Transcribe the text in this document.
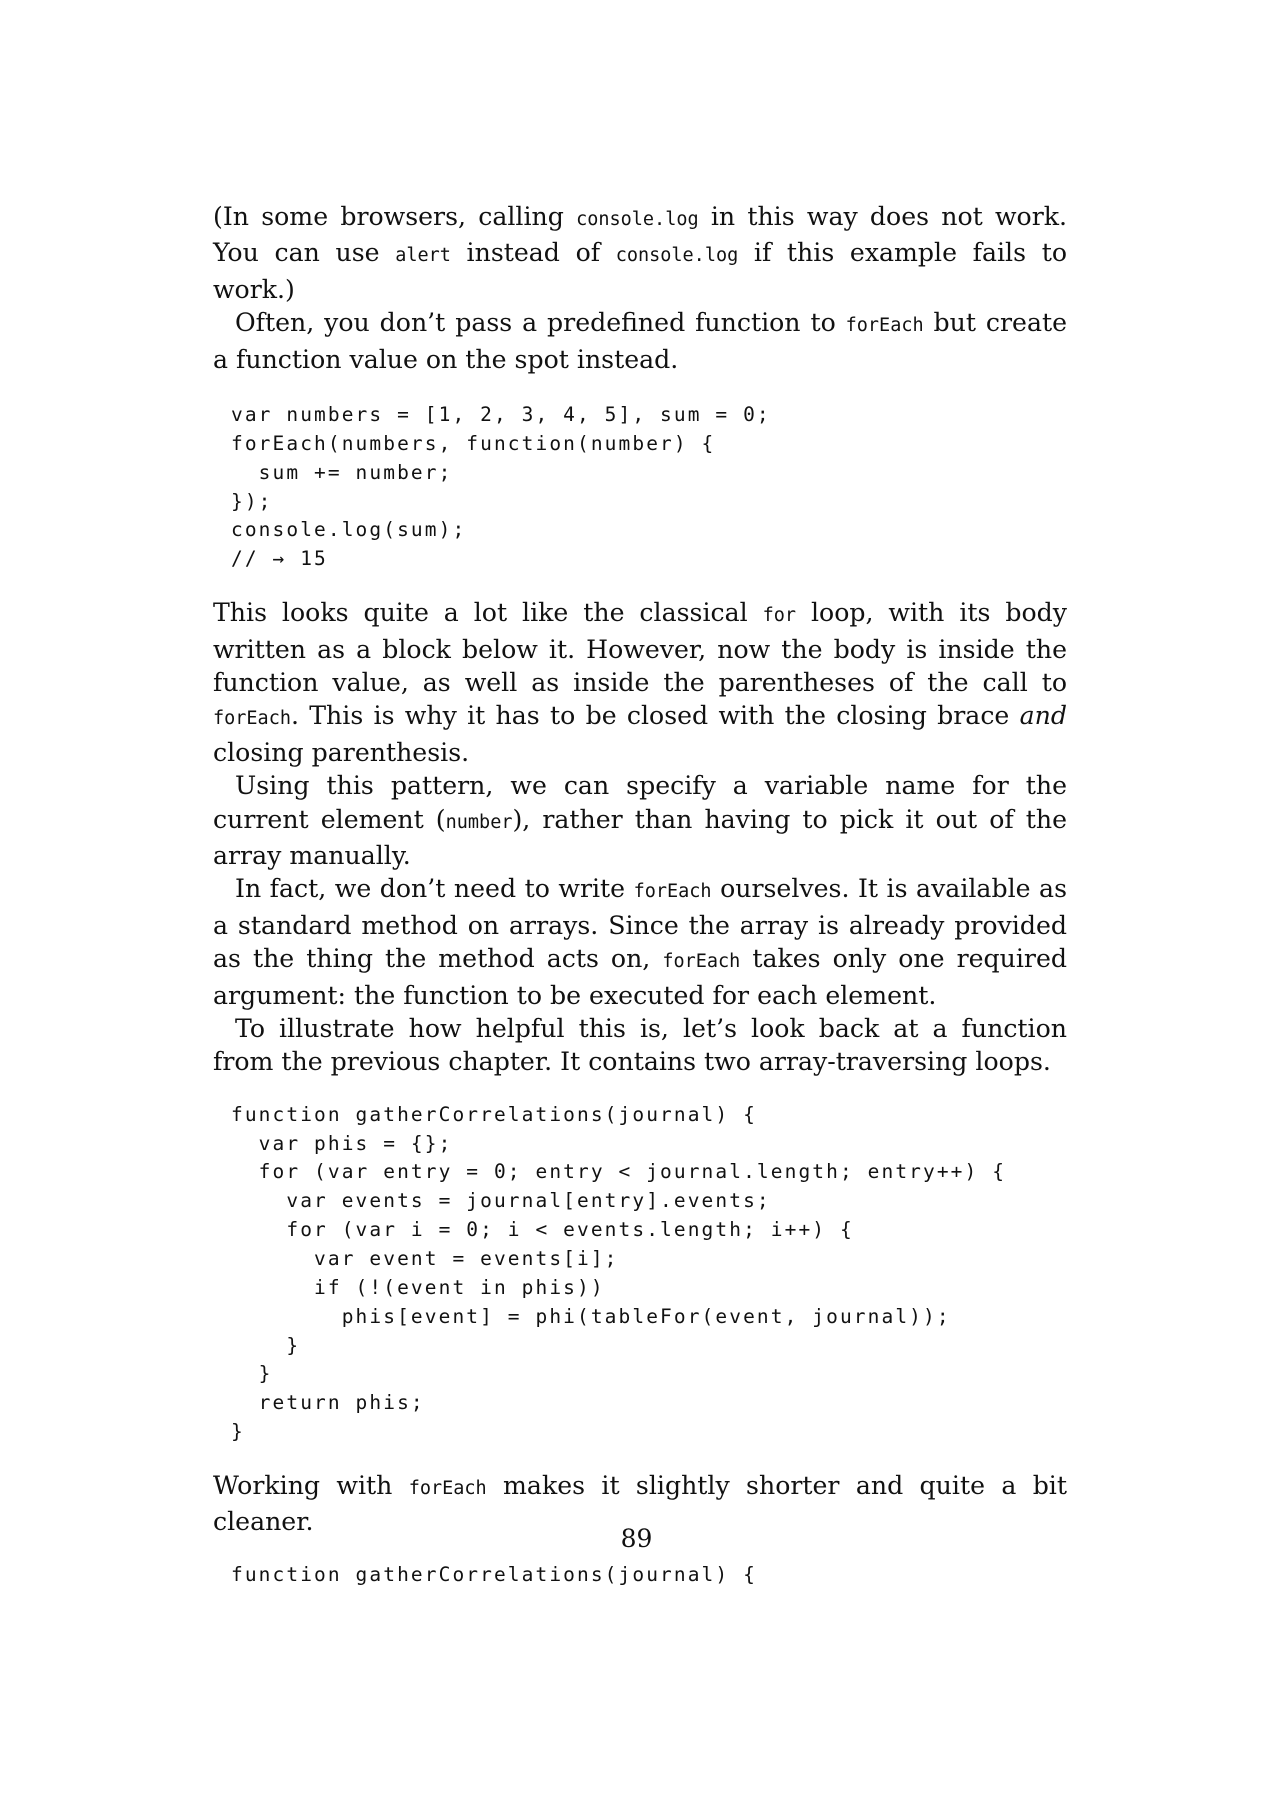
(In some browsers, calling console.log in this way does not work. You can use alert instead of console.log if this example fails to work.)

Often, you don’t pass a predefined function to forEach but create a function value on the spot instead.

var numbers = [1, 2, 3, 4, 5], sum = 0;
forEach(numbers, function(number) {
sum += number;
});
console.log(sum);
// → 15

This looks quite a lot like the classical for loop, with its body written as a block below it. However, now the body is inside the function value, as well as inside the parentheses of the call to forEach. This is why it has to be closed with the closing brace and closing parenthesis.

Using this pattern, we can specify a variable name for the current element (number), rather than having to pick it out of the array manually.

In fact, we don’t need to write forEach ourselves. It is available as a standard method on arrays. Since the array is already provided as the thing the method acts on, forEach takes only one required argument: the function to be executed for each element.

To illustrate how helpful this is, let’s look back at a function from the previous chapter. It contains two array-traversing loops.

function gatherCorrelations(journal) {
var phis = {};
for (var entry = 0; entry < journal.length; entry++) {
var events = journal[entry].events;
for (var i = 0; i < events.length; i++) {
var event = events[i];
if (!(event in phis))
phis[event] = phi(tableFor(event, journal));
}
}
return phis;
}

Working with forEach makes it slightly shorter and quite a bit cleaner.

function gatherCorrelations(journal) {
89
